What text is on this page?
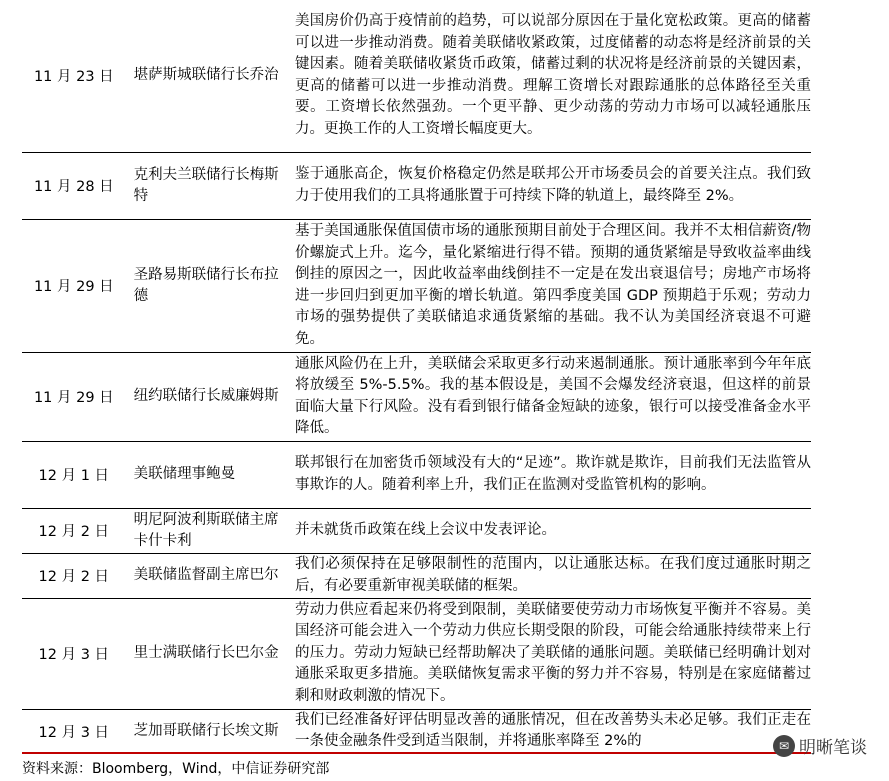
11 月 23 日	堪萨斯城联储行长乔治	美国房价仍高于疫情前的趋势，可以说部分原因在于量化宽松政策。更高的储蓄可以进一步推动消费。随着美联储收紧政策，过度储蓄的动态将是经济前景的关键因素。随着美联储收紧货币政策，储蓄过剩的状况将是经济前景的关键因素，更高的储蓄可以进一步推动消费。理解工资增长对跟踪通胀的总体路径至关重要。工资增长依然强劲。一个更平静、更少动荡的劳动力市场可以减轻通胀压力。更换工作的人工资增长幅度更大。
11 月 28 日	克利夫兰联储行长梅斯特	鉴于通胀高企，恢复价格稳定仍然是联邦公开市场委员会的首要关注点。我们致力于使用我们的工具将通胀置于可持续下降的轨道上，最终降至 2%。
11 月 29 日	圣路易斯联储行长布拉德	基于美国通胀保值国债市场的通胀预期目前处于合理区间。我并不太相信薪资/物价螺旋式上升。迄今，量化紧缩进行得不错。预期的通货紧缩是导致收益率曲线倒挂的原因之一，因此收益率曲线倒挂不一定是在发出衰退信号；房地产市场将进一步回归到更加平衡的增长轨道。第四季度美国 GDP 预期趋于乐观；劳动力市场的强势提供了美联储追求通货紧缩的基础。我不认为美国经济衰退不可避免。
11 月 29 日	纽约联储行长威廉姆斯	通胀风险仍在上升，美联储会采取更多行动来遏制通胀。预计通胀率到今年年底将放缓至 5%-5.5%。我的基本假设是，美国不会爆发经济衰退，但这样的前景面临大量下行风险。没有看到银行储备金短缺的迹象，银行可以接受准备金水平降低。
12 月 1 日	美联储理事鲍曼	联邦银行在加密货币领域没有大的“足迹”。欺诈就是欺诈，目前我们无法监管从事欺诈的人。随着利率上升，我们正在监测对受监管机构的影响。
12 月 2 日	明尼阿波利斯联储主席卡什卡利	并未就货币政策在线上会议中发表评论。
12 月 2 日	美联储监督副主席巴尔	我们必须保持在足够限制性的范围内，以让通胀达标。在我们度过通胀时期之后，有必要重新审视美联储的框架。
12 月 3 日	里士满联储行长巴尔金	劳动力供应看起来仍将受到限制，美联储要使劳动力市场恢复平衡并不容易。美国经济可能会进入一个劳动力供应长期受限的阶段，可能会给通胀持续带来上行的压力。劳动力短缺已经帮助解决了美联储的通胀问题。美联储已经明确计划对通胀采取更多措施。美联储恢复需求平衡的努力并不容易，特别是在家庭储蓄过剩和财政刺激的情况下。
12 月 3 日	芝加哥联储行长埃文斯	我们已经准备好评估明显改善的通胀情况，但在改善势头未必足够。我们正走在一条使金融条件受到适当限制，并将通胀率降至 2%的
资料来源：Bloomberg，Wind，中信证券研究部
✉ 明晰笔谈
